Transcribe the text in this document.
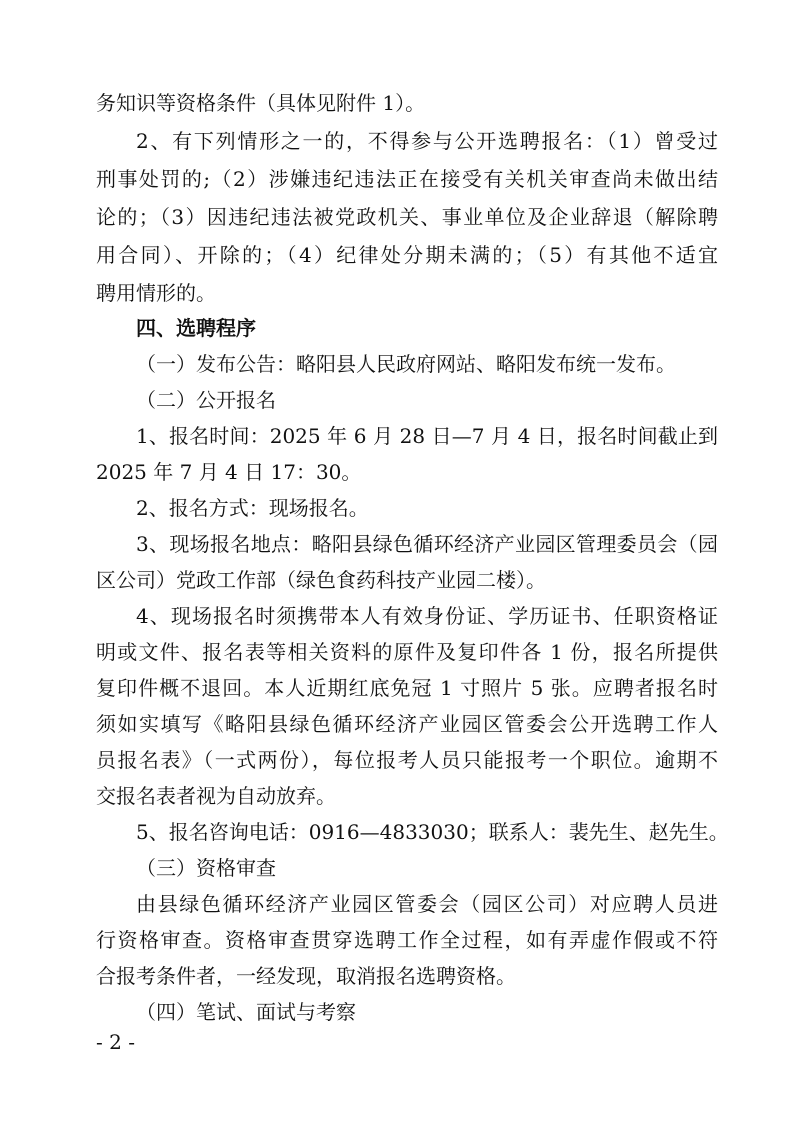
务知识等资格条件（具体见附件 1）。
2、有下列情形之一的，不得参与公开选聘报名：（1）曾受过
刑事处罚的;（2）涉嫌违纪违法正在接受有关机关审查尚未做出结
论的；（3）因违纪违法被党政机关、事业单位及企业辞退（解除聘
用合同）、开除的；（4）纪律处分期未满的；（5）有其他不适宜
聘用情形的。
四、选聘程序
（一）发布公告：略阳县人民政府网站、略阳发布统一发布。
（二）公开报名
1、报名时间：2025 年 6 月 28 日—7 月 4 日，报名时间截止到
2025 年 7 月 4 日 17：30。
2、报名方式：现场报名。
3、现场报名地点：略阳县绿色循环经济产业园区管理委员会（园
区公司）党政工作部（绿色食药科技产业园二楼）。
4、现场报名时须携带本人有效身份证、学历证书、任职资格证
明或文件、报名表等相关资料的原件及复印件各 1 份，报名所提供
复印件概不退回。本人近期红底免冠 1 寸照片 5 张。应聘者报名时
须如实填写《略阳县绿色循环经济产业园区管委会公开选聘工作人
员报名表》（一式两份），每位报考人员只能报考一个职位。逾期不
交报名表者视为自动放弃。
5、报名咨询电话：0916—4833030；联系人：裴先生、赵先生。
（三）资格审查
由县绿色循环经济产业园区管委会（园区公司）对应聘人员进
行资格审查。资格审查贯穿选聘工作全过程，如有弄虚作假或不符
合报考条件者，一经发现，取消报名选聘资格。
（四）笔试、面试与考察
- 2 -
